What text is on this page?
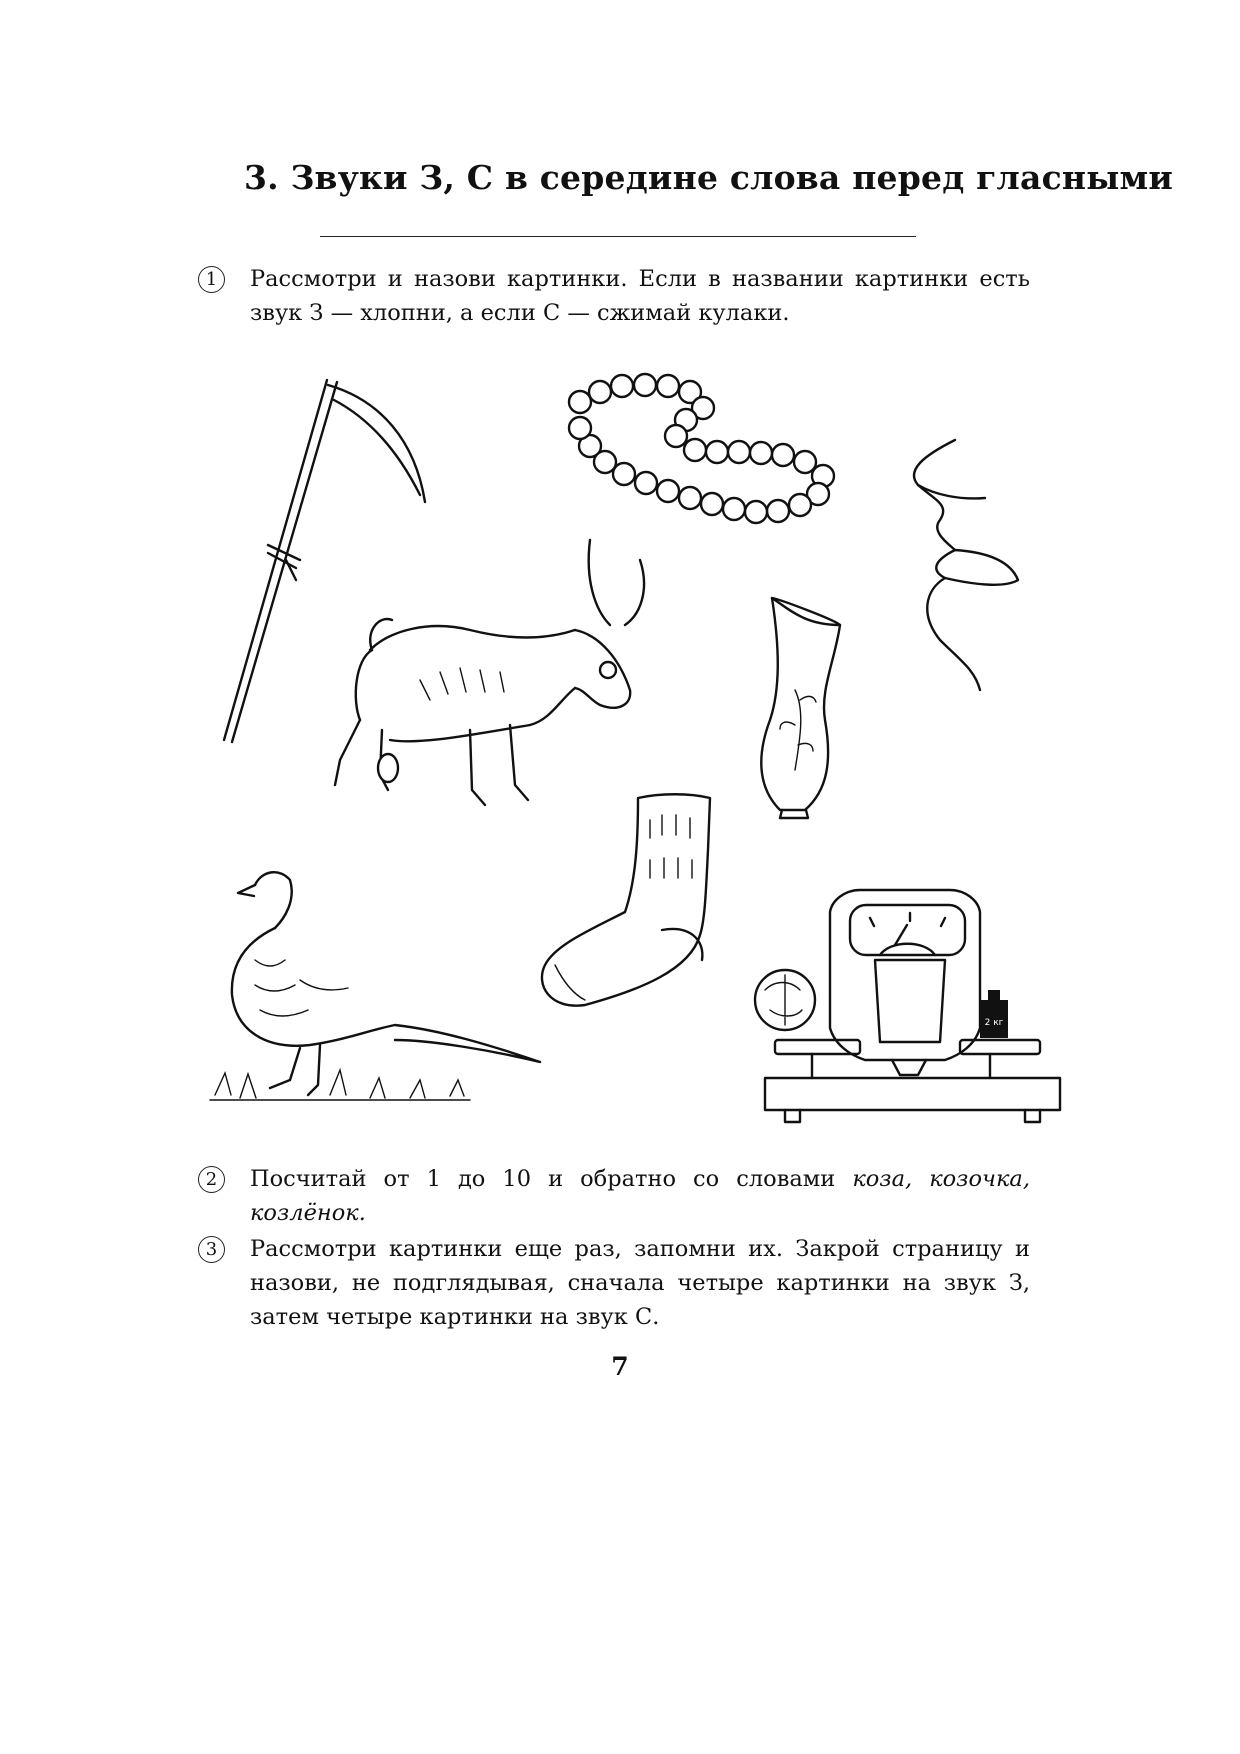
3. Звуки З, С в середине слова перед гласными
1	Рассмотри и назови картинки. Если в названии картинки есть звук З — хлопни, а если С — сжимай кулаки.
2 кг
2	Посчитай от 1 до 10 и обратно со словами коза, козочка, козлёнок.
3	Рассмотри картинки еще раз, запомни их. Закрой страницу и назови, не подглядывая, сначала четыре картинки на звук З, затем четыре картинки на звук С.
7
